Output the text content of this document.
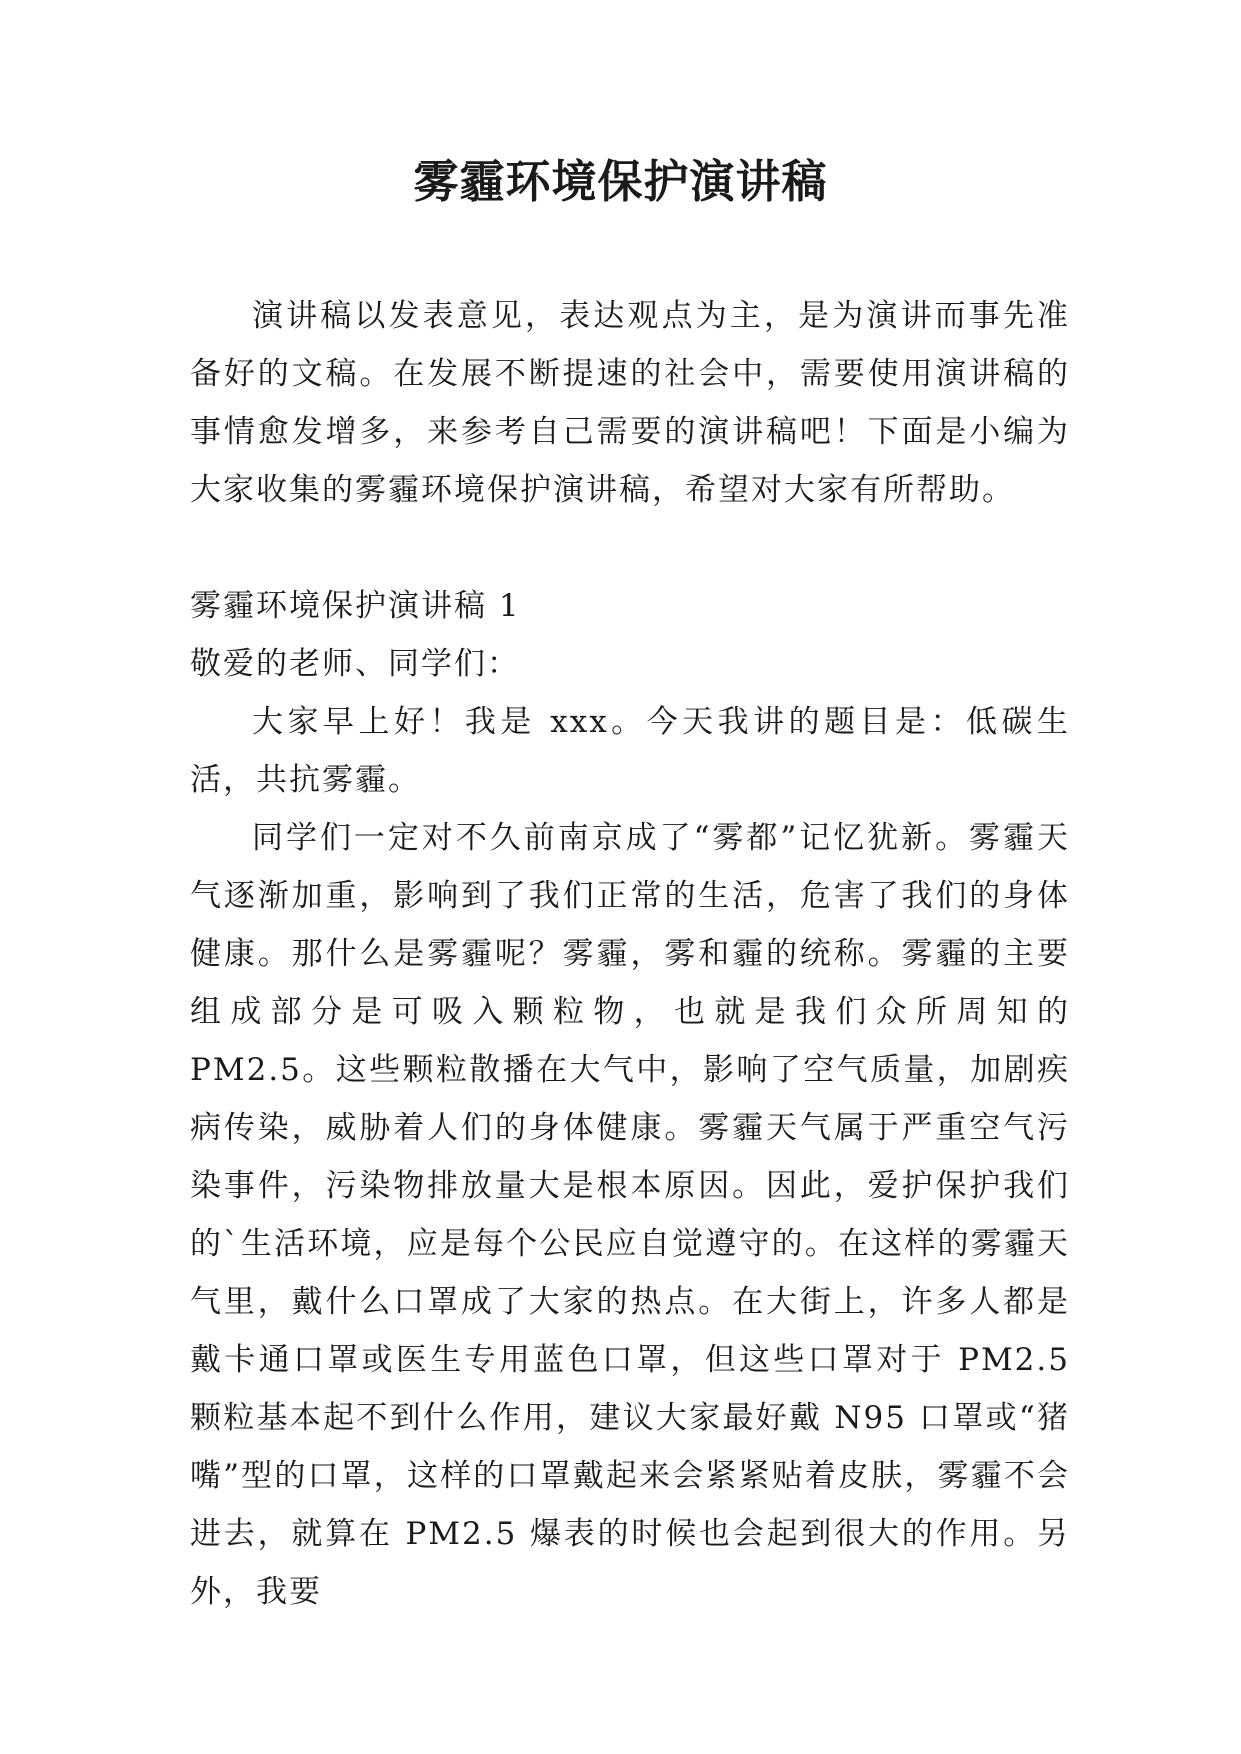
雾霾环境保护演讲稿

演讲稿以发表意见，表达观点为主，是为演讲而事先准备好的文稿。在发展不断提速的社会中，需要使用演讲稿的事情愈发增多，来参考自己需要的演讲稿吧！下面是小编为大家收集的雾霾环境保护演讲稿，希望对大家有所帮助。

雾霾环境保护演讲稿 1

敬爱的老师、同学们：

大家早上好！我是 xxx。今天我讲的题目是：低碳生活，共抗雾霾。

同学们一定对不久前南京成了“雾都”记忆犹新。雾霾天气逐渐加重，影响到了我们正常的生活，危害了我们的身体健康。那什么是雾霾呢？雾霾，雾和霾的统称。雾霾的主要组成部分是可吸入颗粒物，也就是我们众所周知的 PM2.5。这些颗粒散播在大气中，影响了空气质量，加剧疾病传染，威胁着人们的身体健康。雾霾天气属于严重空气污染事件，污染物排放量大是根本原因。因此，爱护保护我们的`生活环境，应是每个公民应自觉遵守的。在这样的雾霾天气里，戴什么口罩成了大家的热点。在大街上，许多人都是戴卡通口罩或医生专用蓝色口罩，但这些口罩对于 PM2.5 颗粒基本起不到什么作用，建议大家最好戴 N95 口罩或“猪嘴”型的口罩，这样的口罩戴起来会紧紧贴着皮肤，雾霾不会进去，就算在 PM2.5 爆表的时候也会起到很大的作用。另外，我要
